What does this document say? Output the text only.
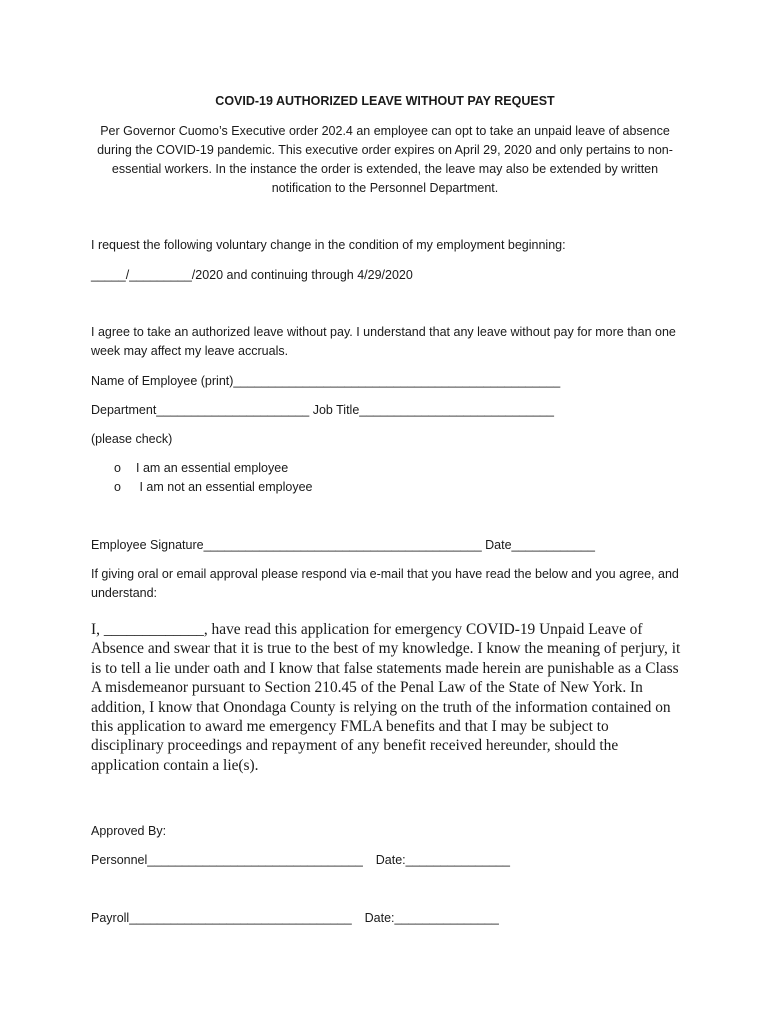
COVID-19 AUTHORIZED LEAVE WITHOUT PAY REQUEST

Per Governor Cuomo’s Executive order 202.4 an employee can opt to take an unpaid leave of absence during the COVID-19 pandemic. This executive order expires on April 29, 2020 and only pertains to non-essential workers. In the instance the order is extended, the leave may also be extended by written notification to the Personnel Department.

I request the following voluntary change in the condition of my employment beginning:

_____/_________/2020 and continuing through 4/29/2020

I agree to take an authorized leave without pay. I understand that any leave without pay for more than one week may affect my leave accruals.

Name of Employee (print)_______________________________________________

Department______________________ Job Title____________________________

(please check)

o I am an essential employee
o I am not an essential employee

Employee Signature________________________________________ Date____________

If giving oral or email approval please respond via e-mail that you have read the below and you agree, and understand:

I, _____________, have read this application for emergency COVID-19 Unpaid Leave of Absence and swear that it is true to the best of my knowledge. I know the meaning of perjury, it is to tell a lie under oath and I know that false statements made herein are punishable as a Class A misdemeanor pursuant to Section 210.45 of the Penal Law of the State of New York. In addition, I know that Onondaga County is relying on the truth of the information contained on this application to award me emergency FMLA benefits and that I may be subject to disciplinary proceedings and repayment of any benefit received hereunder, should the application contain a lie(s).

Approved By:

Personnel_______________________________ Date:_______________
Payroll________________________________ Date:_______________
